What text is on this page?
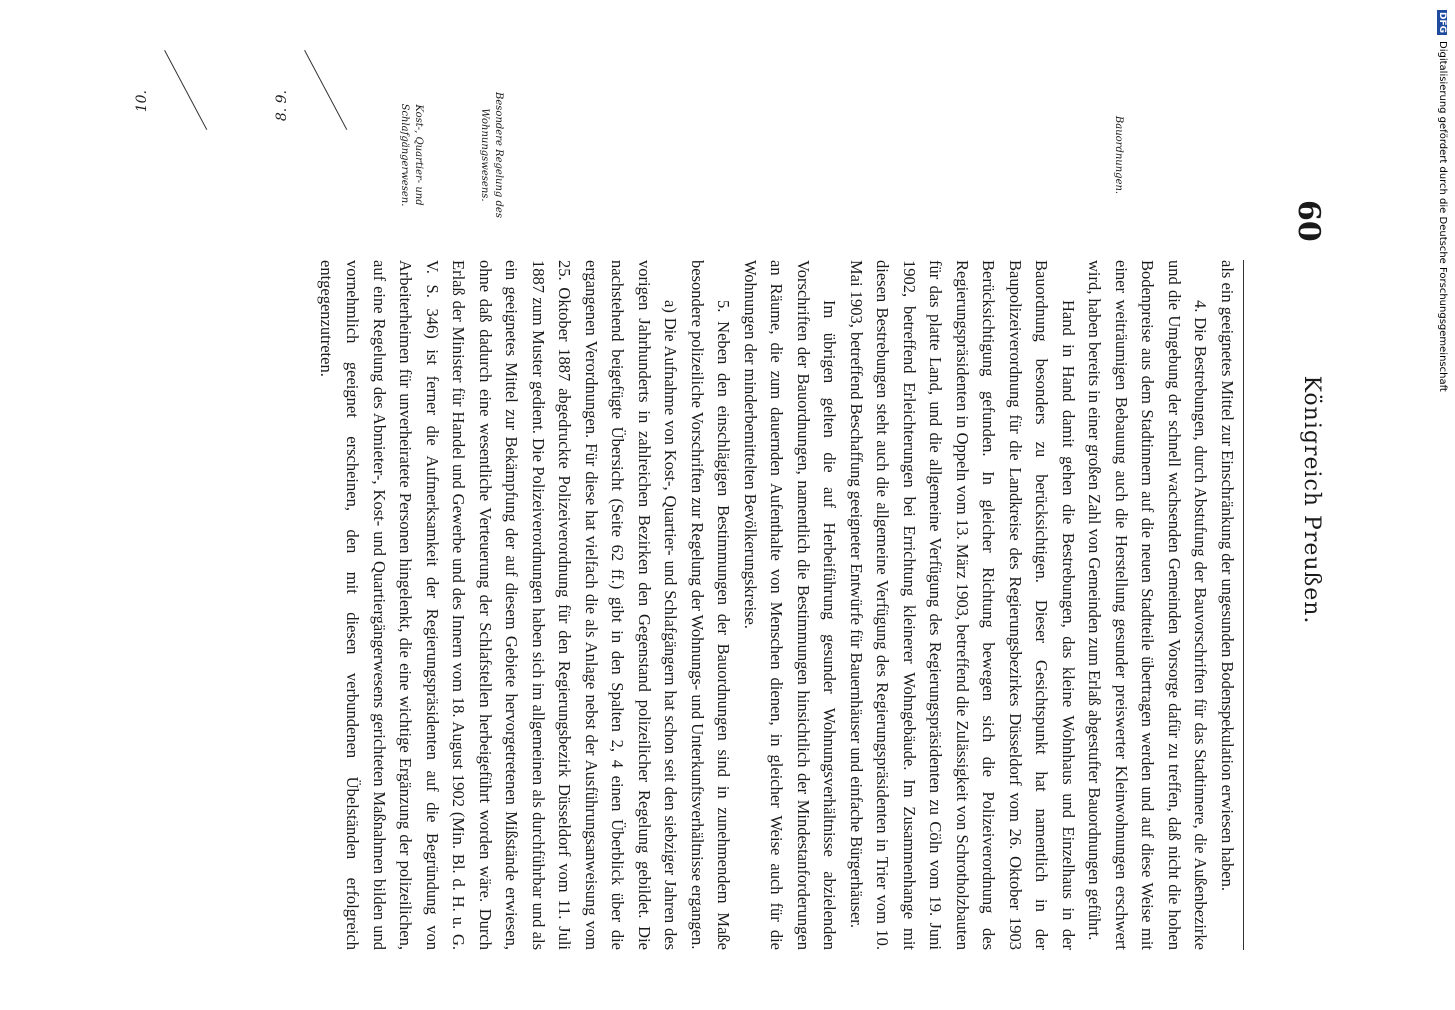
60
Königreich Preußen.
Bauordnungen.
Besondere Regelung des Wohnungswesens.
Kost-, Quartier- und Schlafgängerwesen.
8. 9.
10.

als ein geeignetes Mittel zur Einschränkung der ungesunden Bodenspekulation erwiesen haben.

4. Die Bestrebungen, durch Abstufung der Bauvorschriften für das Stadtinnere, die Außenbezirke und die Umgebung der schnell wachsenden Gemeinden Vorsorge dafür zu treffen, daß nicht die hohen Bodenpreise aus dem Stadtinnern auf die neuen Stadtteile übertragen werden und auf diese Weise mit einer weiträumigen Bebauung auch die Herstellung gesunder preiswerter Kleinwohnungen erschwert wird, haben bereits in einer großen Zahl von Gemeinden zum Erlaß abgestufter Bauordnungen geführt.

Hand in Hand damit gehen die Bestrebungen, das kleine Wohnhaus und Einzelhaus in der Bauordnung besonders zu berücksichtigen. Dieser Gesichtspunkt hat namentlich in der Baupolizeiverordnung für die Landkreise des Regierungsbezirkes Düsseldorf vom 26. Oktober 1903 Berücksichtigung gefunden. In gleicher Richtung bewegen sich die Polizeiverordnung des Regierungspräsidenten in Oppeln vom 13. März 1903, betreffend die Zulässigkeit von Schrotholzbauten für das platte Land, und die allgemeine Verfügung des Regierungspräsidenten zu Cöln vom 19. Juni 1902, betreffend Erleichterungen bei Errichtung kleinerer Wohngebäude. Im Zusammenhange mit diesen Bestrebungen steht auch die allgemeine Verfügung des Regierungspräsidenten in Trier vom 10. Mai 1903, betreffend Beschaffung geeigneter Entwürfe für Bauernhäuser und einfache Bürgerhäuser.

Im übrigen gelten die auf Herbeiführung gesunder Wohnungsverhältnisse abzielenden Vorschriften der Bauordnungen, namentlich die Bestimmungen hinsichtlich der Mindestanforderungen an Räume, die zum dauernden Aufenthalte von Menschen dienen, in gleicher Weise auch für die Wohnungen der minderbemittelten Bevölkerungskreise.

5. Neben den einschlägigen Bestimmungen der Bauordnungen sind in zunehmendem Maße besondere polizeiliche Vorschriften zur Regelung der Wohnungs- und Unterkunftsverhältnisse ergangen.

a) Die Aufnahme von Kost-, Quartier- und Schlafgängern hat schon seit den siebziger Jahren des vorigen Jahrhunderts in zahlreichen Bezirken den Gegenstand polizeilicher Regelung gebildet. Die nachstehend beigefügte Übersicht (Seite 62 ff.) gibt in den Spalten 2, 4 einen Überblick über die ergangenen Verordnungen. Für diese hat vielfach die als Anlage nebst der Ausführungsanweisung vom 25. Oktober 1887 abgedruckte Polizeiverordnung für den Regierungsbezirk Düsseldorf vom 11. Juli 1887 zum Muster gedient. Die Polizeiverordnungen haben sich im allgemeinen als durchführbar und als ein geeignetes Mittel zur Bekämpfung der auf diesem Gebiete hervorgetretenen Mißstände erwiesen, ohne daß dadurch eine wesentliche Verteuerung der Schlafstellen herbeigeführt worden wäre. Durch Erlaß der Minister für Handel und Gewerbe und des Innern vom 18. August 1902 (Min. Bl. d. H. u. G. V. S. 346) ist ferner die Aufmerksamkeit der Regierungspräsidenten auf die Begründung von Arbeiterheimen für unverheiratete Personen hingelenkt, die eine wichtige Ergänzung der polizeilichen, auf eine Regelung des Abmieter-, Kost- und Quartiergängerwesens gerichteten Maßnahmen bilden und vornehmlich geeignet erscheinen, den mit diesen verbundenen Übelständen erfolgreich entgegenzutreten.

DFGDigitalisierung gefördert durch die Deutsche Forschungsgemeinschaft
